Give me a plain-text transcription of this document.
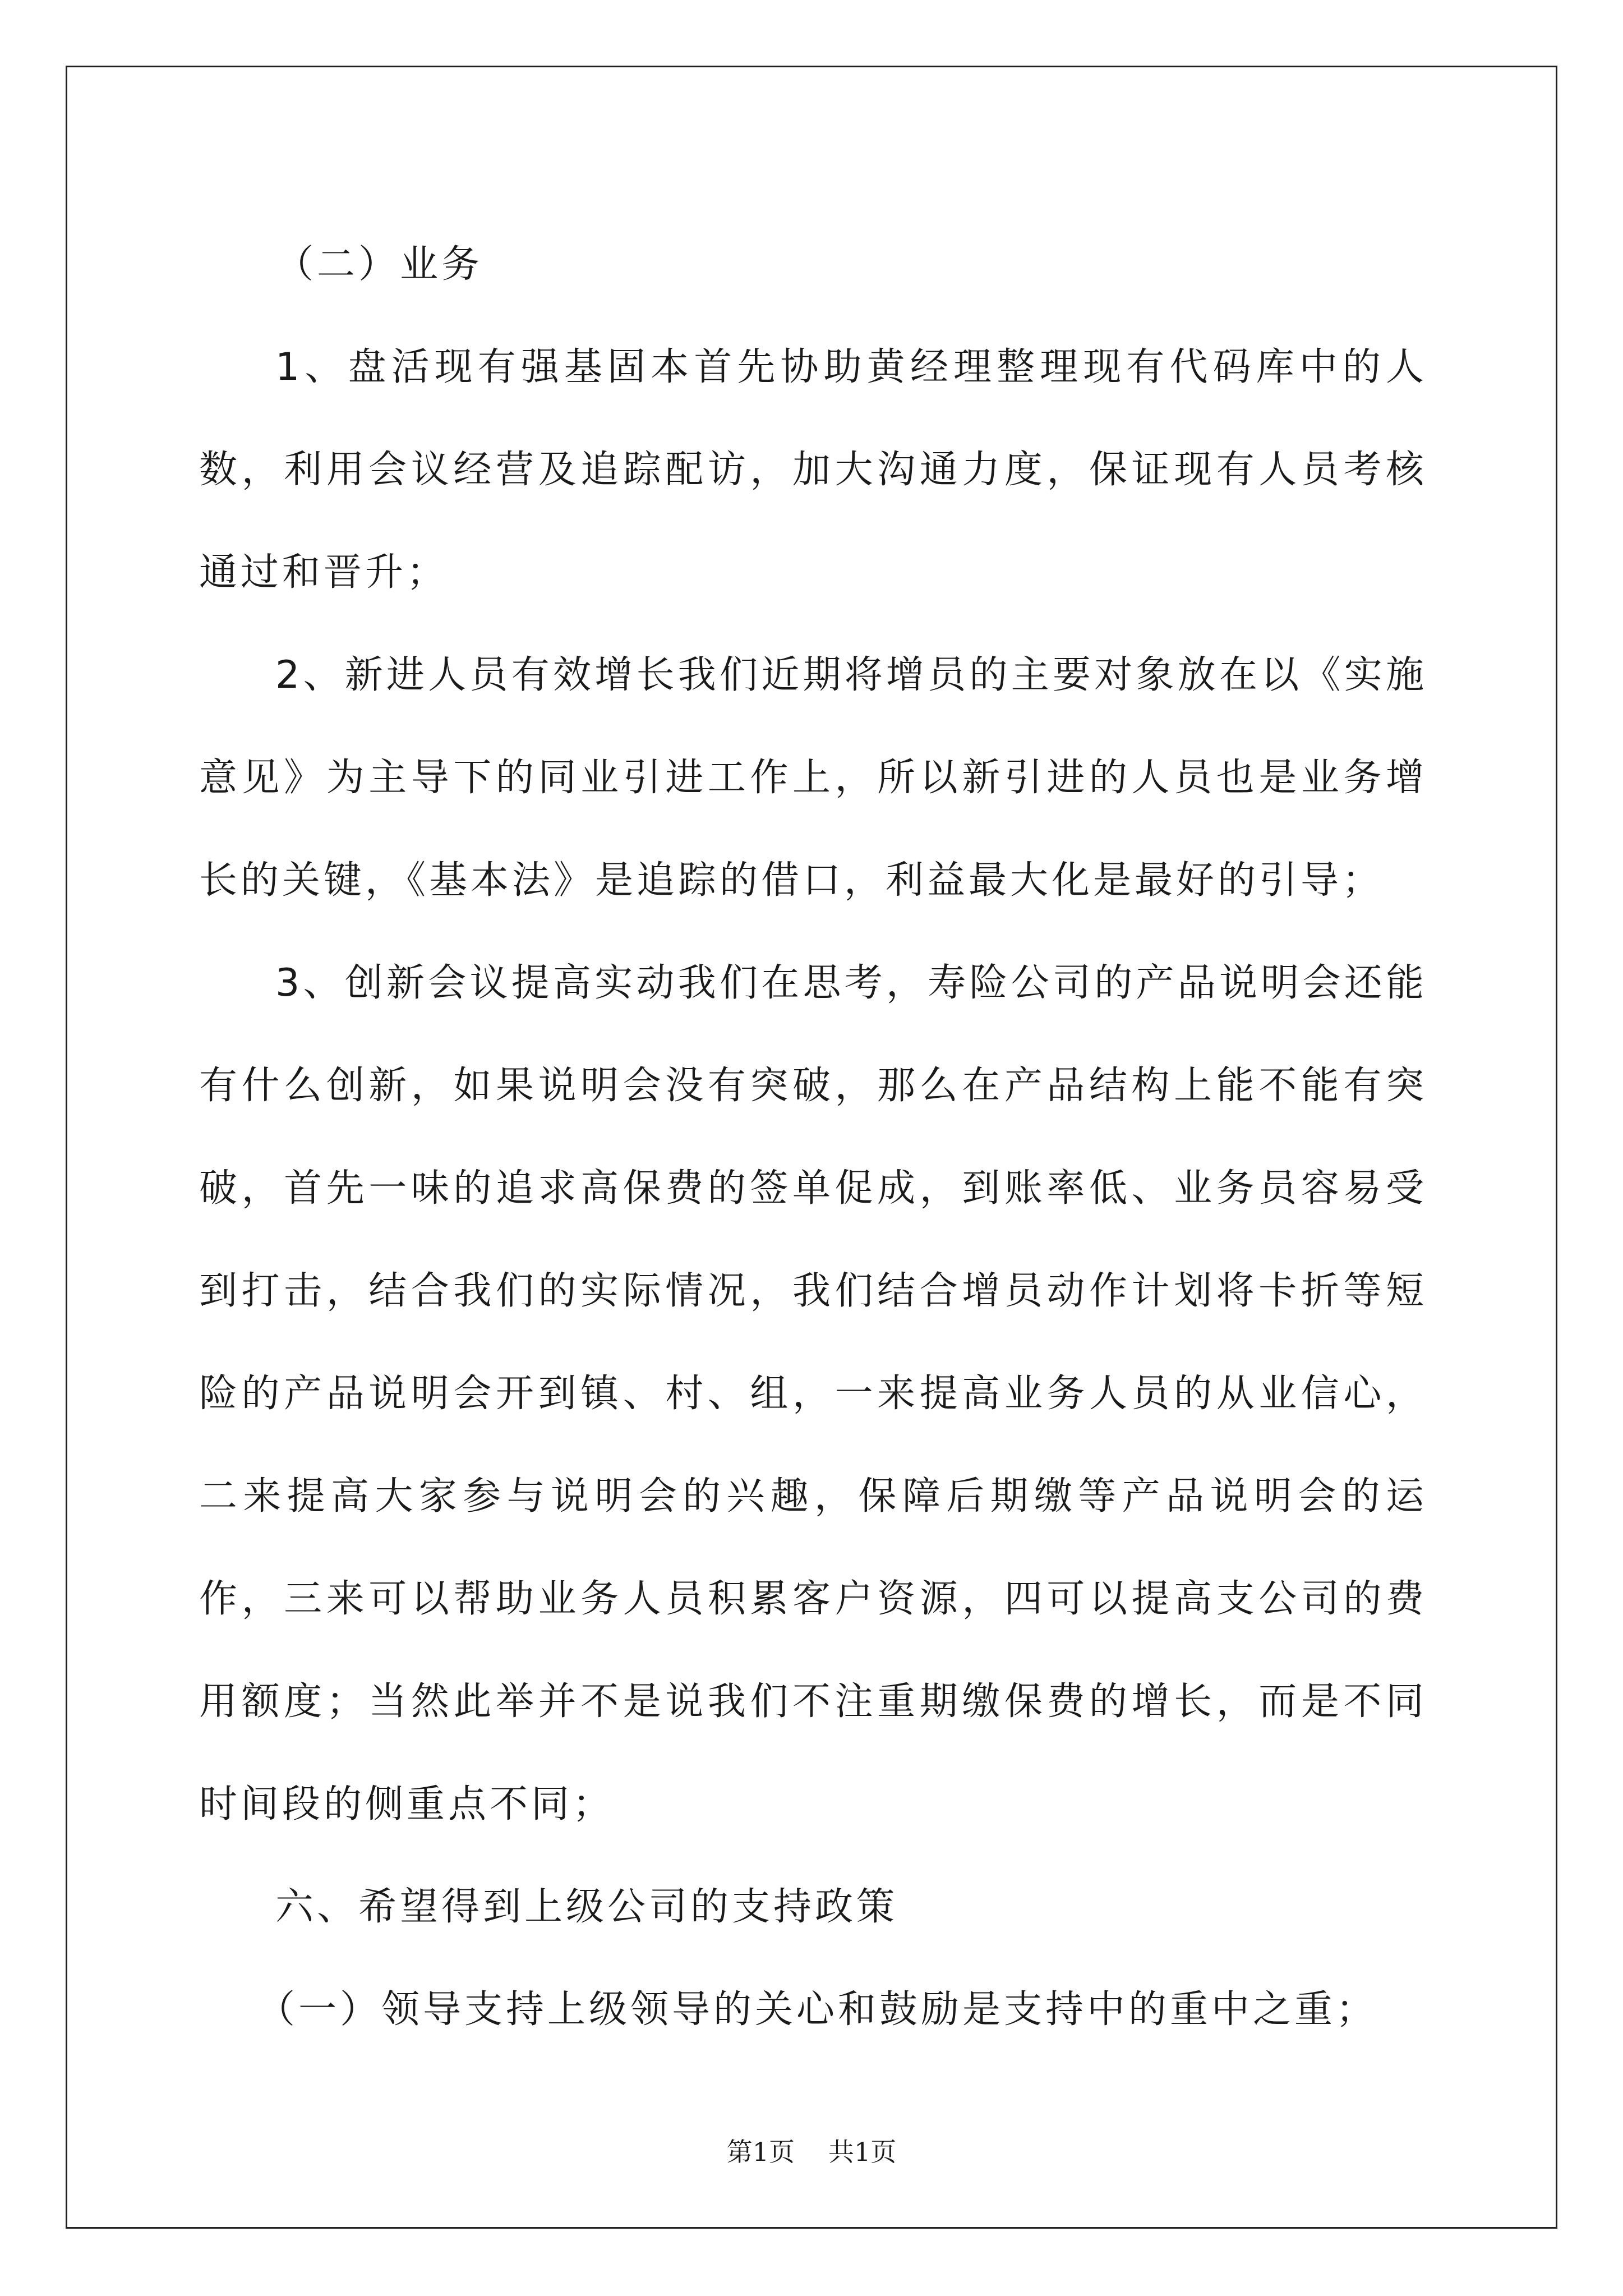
（二）业务

1、盘活现有强基固本首先协助黄经理整理现有代码库中的人数，利用会议经营及追踪配访，加大沟通力度，保证现有人员考核通过和晋升；

2、新进人员有效增长我们近期将增员的主要对象放在以《实施意见》为主导下的同业引进工作上，所以新引进的人员也是业务增长的关键，《基本法》是追踪的借口，利益最大化是最好的引导；

3、创新会议提高实动我们在思考，寿险公司的产品说明会还能有什么创新，如果说明会没有突破，那么在产品结构上能不能有突破，首先一味的追求高保费的签单促成，到账率低、业务员容易受到打击，结合我们的实际情况，我们结合增员动作计划将卡折等短险的产品说明会开到镇、村、组，一来提高业务人员的从业信心，二来提高大家参与说明会的兴趣，保障后期缴等产品说明会的运作，三来可以帮助业务人员积累客户资源，四可以提高支公司的费用额度；当然此举并不是说我们不注重期缴保费的增长，而是不同时间段的侧重点不同；

六、希望得到上级公司的支持政策

（一）领导支持上级领导的关心和鼓励是支持中的重中之重；

第1页 共1页
